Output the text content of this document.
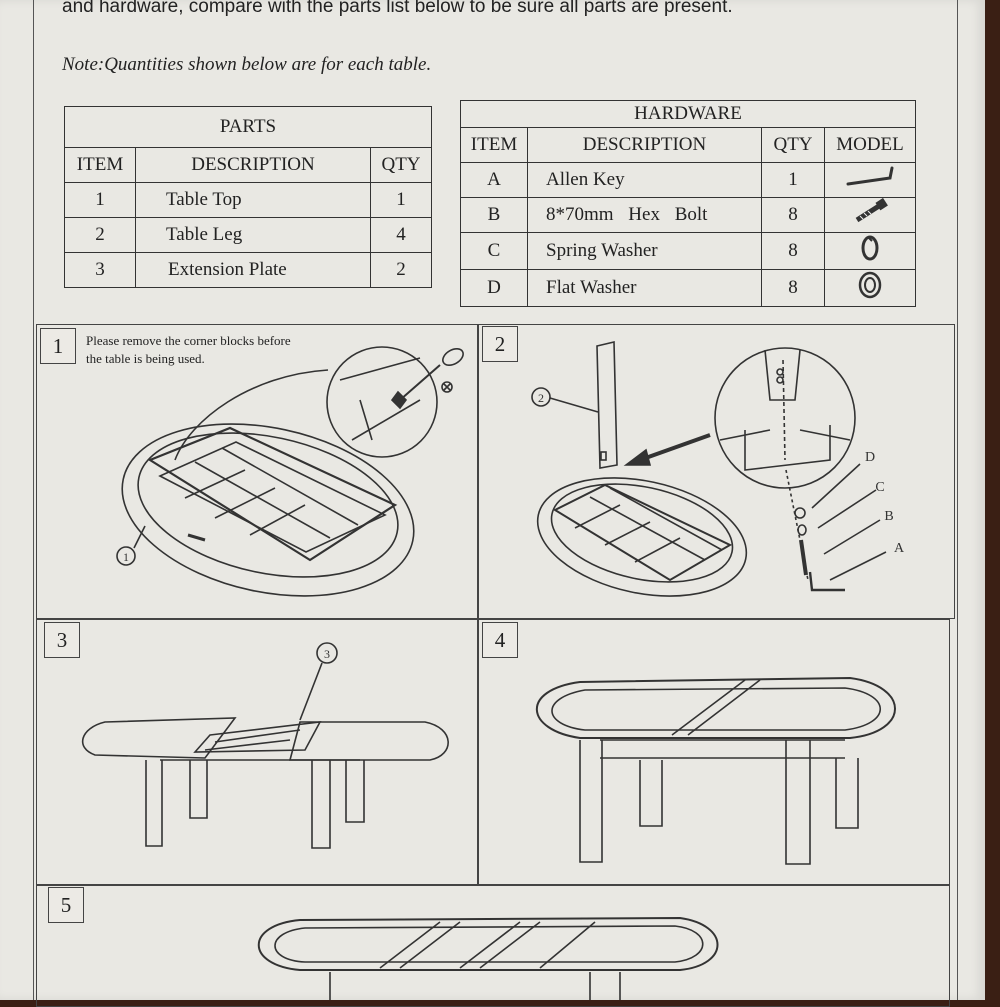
and hardware, compare with the parts list below to be sure all parts are present.
Note:Quantities shown below are for each table.
PARTS		
ITEM	DESCRIPTION	QTY
1	Table Top	1
2	Table Leg	4
3	Extension Plate	2
HARDWARE			
ITEM	DESCRIPTION	QTY	MODEL
A	Allen Key	1	
B	8*70mm Hex Bolt	8	
C	Spring Washer	8	
D	Flat Washer	8	
1	2
3	4
5
Please remove the corner blocks before the table is being used.
1
2
D
C
B
A
3
